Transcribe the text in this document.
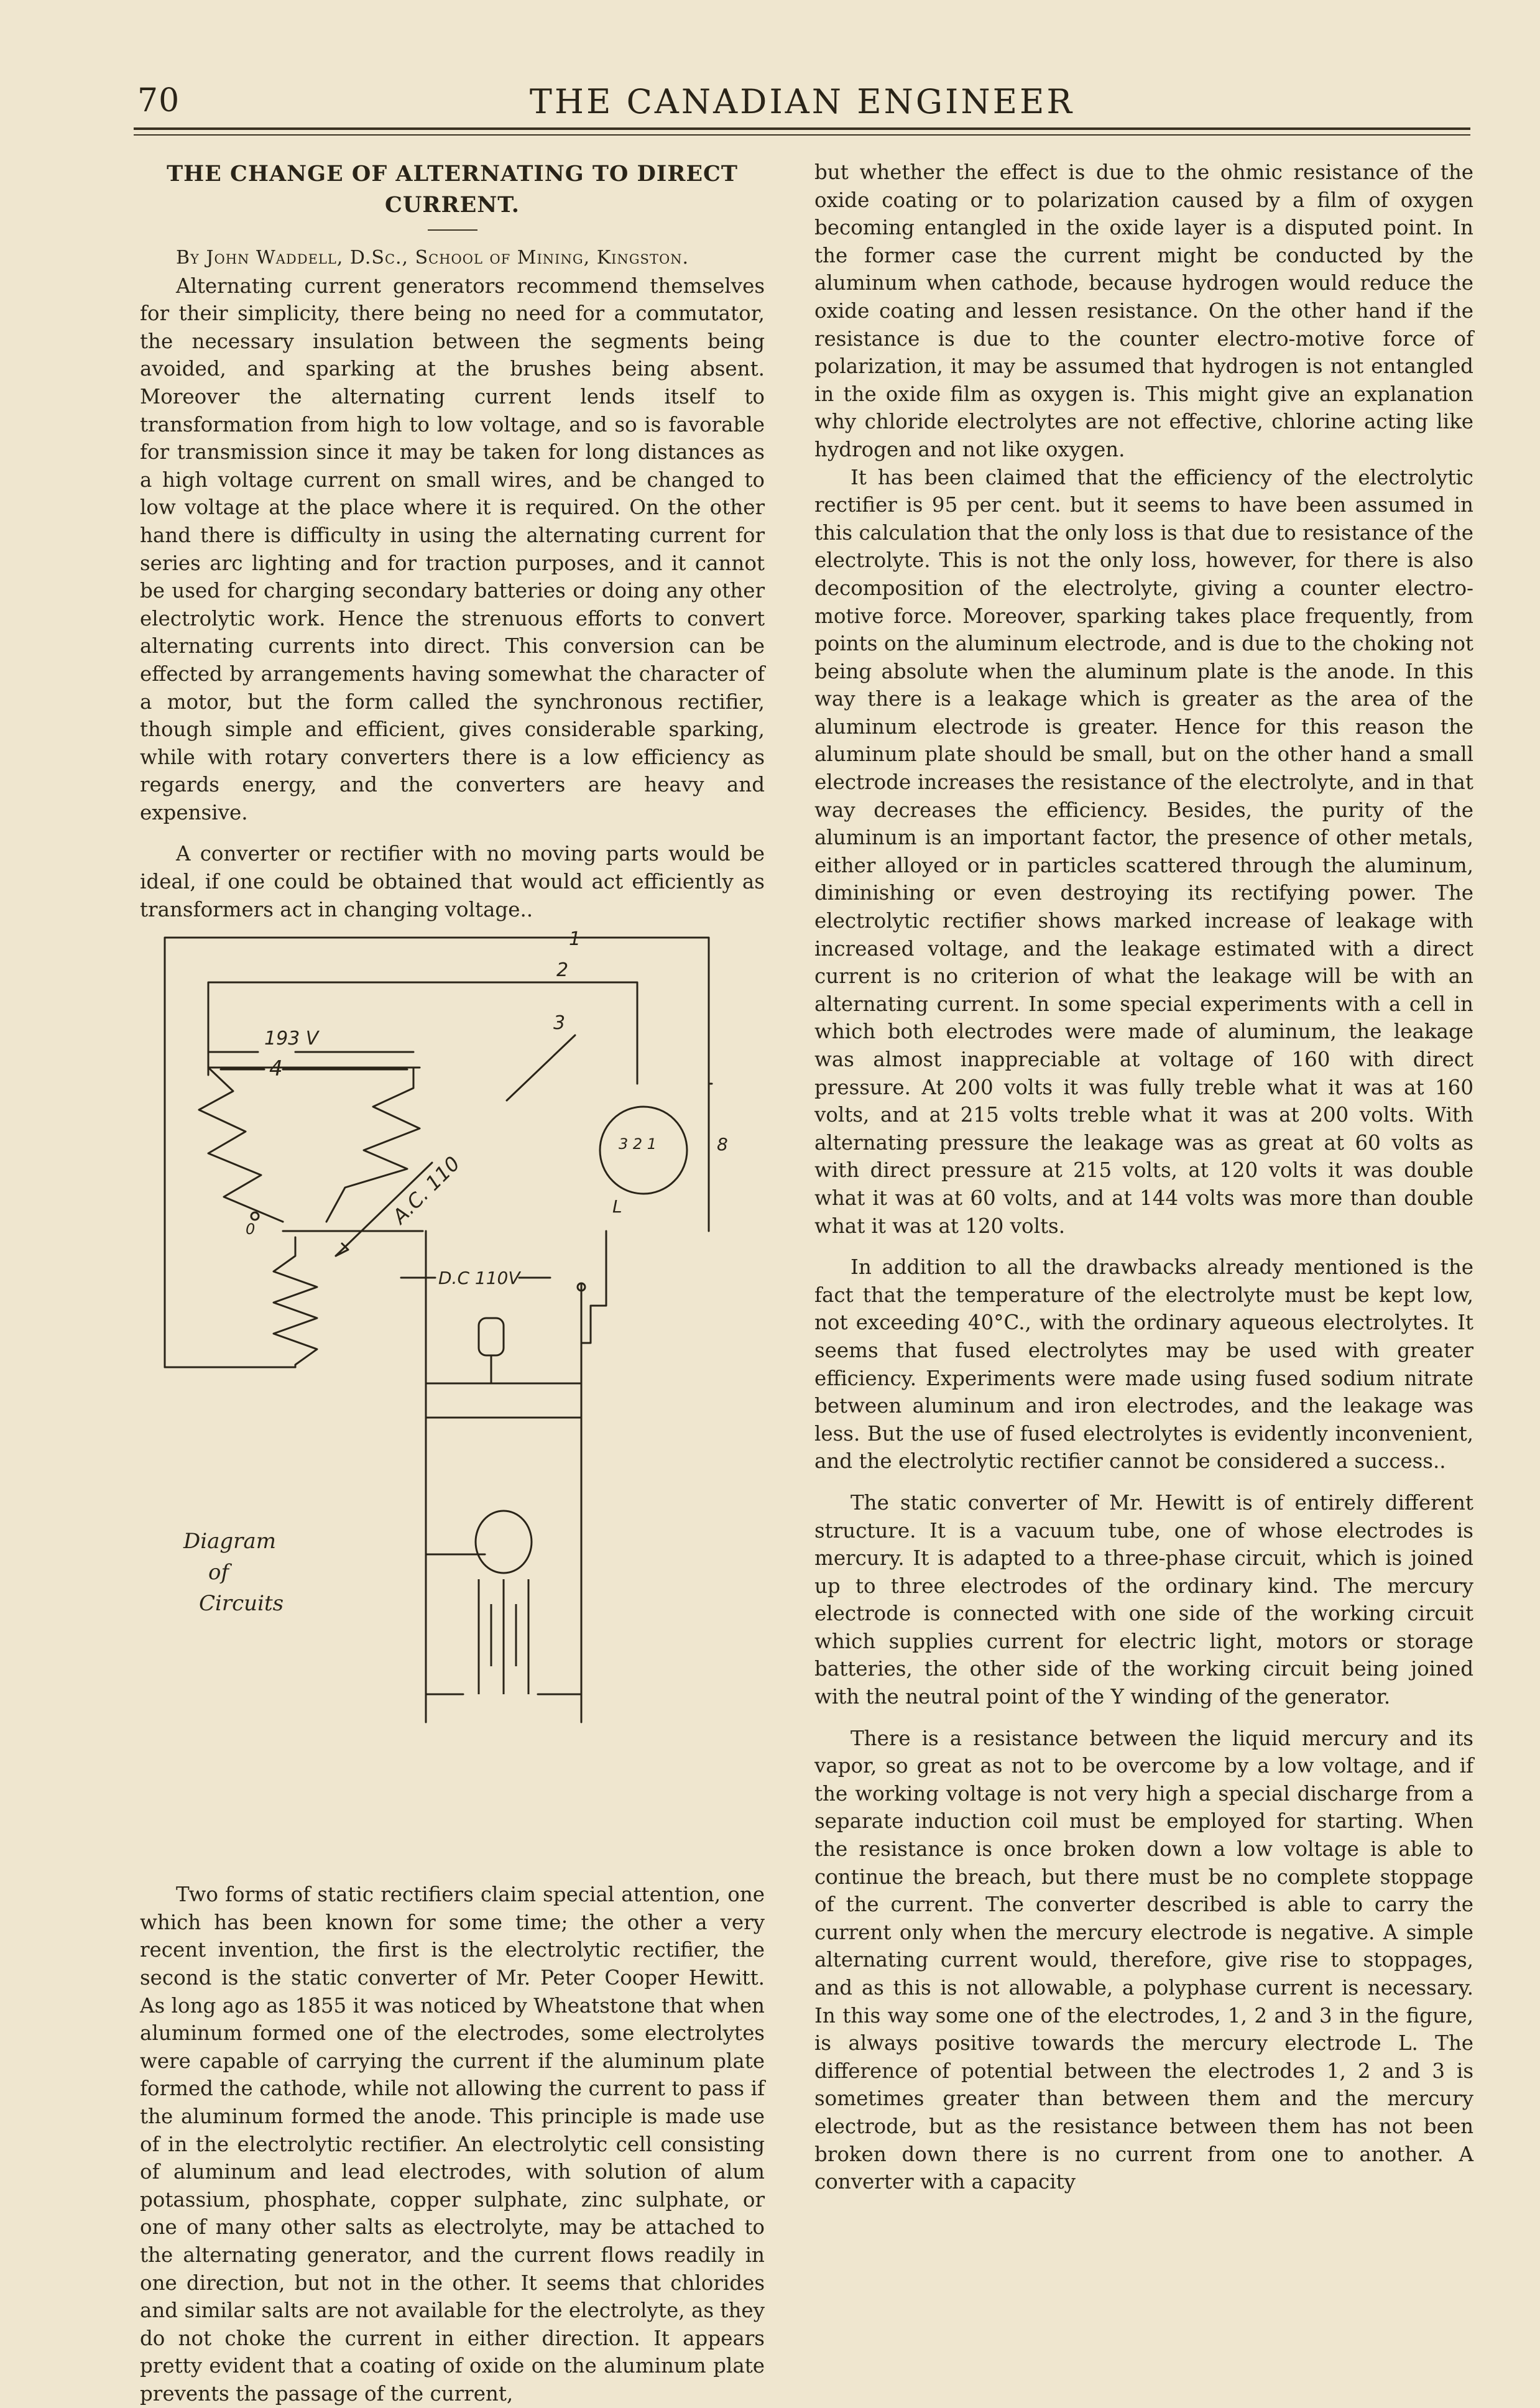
70	THE CANADIAN ENGINEER
THE CHANGE OF ALTERNATING TO DIRECT CURRENT.

By John Waddell, D.Sc., School of Mining, Kingston.

Alternating current generators recommend themselves for their simplicity, there being no need for a commutator, the necessary insulation between the segments being avoided, and sparking at the brushes being absent. Moreover the alternating current lends itself to transformation from high to low voltage, and so is favorable for transmission since it may be taken for long distances as a high voltage current on small wires, and be changed to low voltage at the place where it is required. On the other hand there is difficulty in using the alternating current for series arc lighting and for traction purposes, and it cannot be used for charging secondary batteries or doing any other electrolytic work. Hence the strenuous efforts to convert alternating currents into direct. This conversion can be effected by arrangements having somewhat the character of a motor, but the form called the synchronous rectifier, though simple and efficient, gives considerable sparking, while with rotary converters there is a low efficiency as regards energy, and the converters are heavy and expensive.

A converter or rectifier with no moving parts would be ideal, if one could be obtained that would act efficiently as transformers act in changing voltage..

Two forms of static rectifiers claim special attention, one which has been known for some time; the other a very recent invention, the first is the electrolytic rectifier, the second is the static converter of Mr. Peter Cooper Hewitt. As long ago as 1855 it was noticed by Wheatstone that when aluminum formed one of the electrodes, some electrolytes were capable of carrying the current if the aluminum plate formed the cathode, while not allowing the current to pass if the aluminum formed the anode. This principle is made use of in the electrolytic rectifier. An electrolytic cell consisting of aluminum and lead electrodes, with solution of alum potassium, phosphate, copper sulphate, zinc sulphate, or one of many other salts as electrolyte, may be attached to the alternating generator, and the current flows readily in one direction, but not in the other. It seems that chlorides and similar salts are not available for the electrolyte, as they do not choke the current in either direction. It appears pretty evident that a coating of oxide on the aluminum plate prevents the passage of the current,

1
2
3
193 V
4
A.C. 110
D.C 110V
3 2 1
L
8
0
Diagram
of
Circuits

but whether the effect is due to the ohmic resistance of the oxide coating or to polarization caused by a film of oxygen becoming entangled in the oxide layer is a disputed point. In the former case the current might be conducted by the aluminum when cathode, because hydrogen would reduce the oxide coating and lessen resistance. On the other hand if the resistance is due to the counter electro-motive force of polarization, it may be assumed that hydrogen is not entangled in the oxide film as oxygen is. This might give an explanation why chloride electrolytes are not effective, chlorine acting like hydrogen and not like oxygen.

It has been claimed that the efficiency of the electrolytic rectifier is 95 per cent. but it seems to have been assumed in this calculation that the only loss is that due to resistance of the electrolyte. This is not the only loss, however, for there is also decomposition of the electrolyte, giving a counter electro-motive force. Moreover, sparking takes place frequently, from points on the aluminum electrode, and is due to the choking not being absolute when the aluminum plate is the anode. In this way there is a leakage which is greater as the area of the aluminum electrode is greater. Hence for this reason the aluminum plate should be small, but on the other hand a small electrode increases the resistance of the electrolyte, and in that way decreases the efficiency. Besides, the purity of the aluminum is an important factor, the presence of other metals, either alloyed or in particles scattered through the aluminum, diminishing or even destroying its rectifying power. The electrolytic rectifier shows marked increase of leakage with increased voltage, and the leakage estimated with a direct current is no criterion of what the leakage will be with an alternating current. In some special experiments with a cell in which both electrodes were made of aluminum, the leakage was almost inappreciable at voltage of 160 with direct pressure. At 200 volts it was fully treble what it was at 160 volts, and at 215 volts treble what it was at 200 volts. With alternating pressure the leakage was as great at 60 volts as with direct pressure at 215 volts, at 120 volts it was double what it was at 60 volts, and at 144 volts was more than double what it was at 120 volts.

In addition to all the drawbacks already mentioned is the fact that the temperature of the electrolyte must be kept low, not exceeding 40°C., with the ordinary aqueous electrolytes. It seems that fused electrolytes may be used with greater efficiency. Experiments were made using fused sodium nitrate between aluminum and iron electrodes, and the leakage was less. But the use of fused electrolytes is evidently inconvenient, and the electrolytic rectifier cannot be considered a success..

The static converter of Mr. Hewitt is of entirely different structure. It is a vacuum tube, one of whose electrodes is mercury. It is adapted to a three-phase circuit, which is joined up to three electrodes of the ordinary kind. The mercury electrode is connected with one side of the working circuit which supplies current for electric light, motors or storage batteries, the other side of the working circuit being joined with the neutral point of the Y winding of the generator.

There is a resistance between the liquid mercury and its vapor, so great as not to be overcome by a low voltage, and if the working voltage is not very high a special discharge from a separate induction coil must be employed for starting. When the resistance is once broken down a low voltage is able to continue the breach, but there must be no complete stoppage of the current. The converter described is able to carry the current only when the mercury electrode is negative. A simple alternating current would, therefore, give rise to stoppages, and as this is not allowable, a polyphase current is necessary. In this way some one of the electrodes, 1, 2 and 3 in the figure, is always positive towards the mercury electrode L. The difference of potential between the electrodes 1, 2 and 3 is sometimes greater than between them and the mercury electrode, but as the resistance between them has not been broken down there is no current from one to another. A converter with a capacity
